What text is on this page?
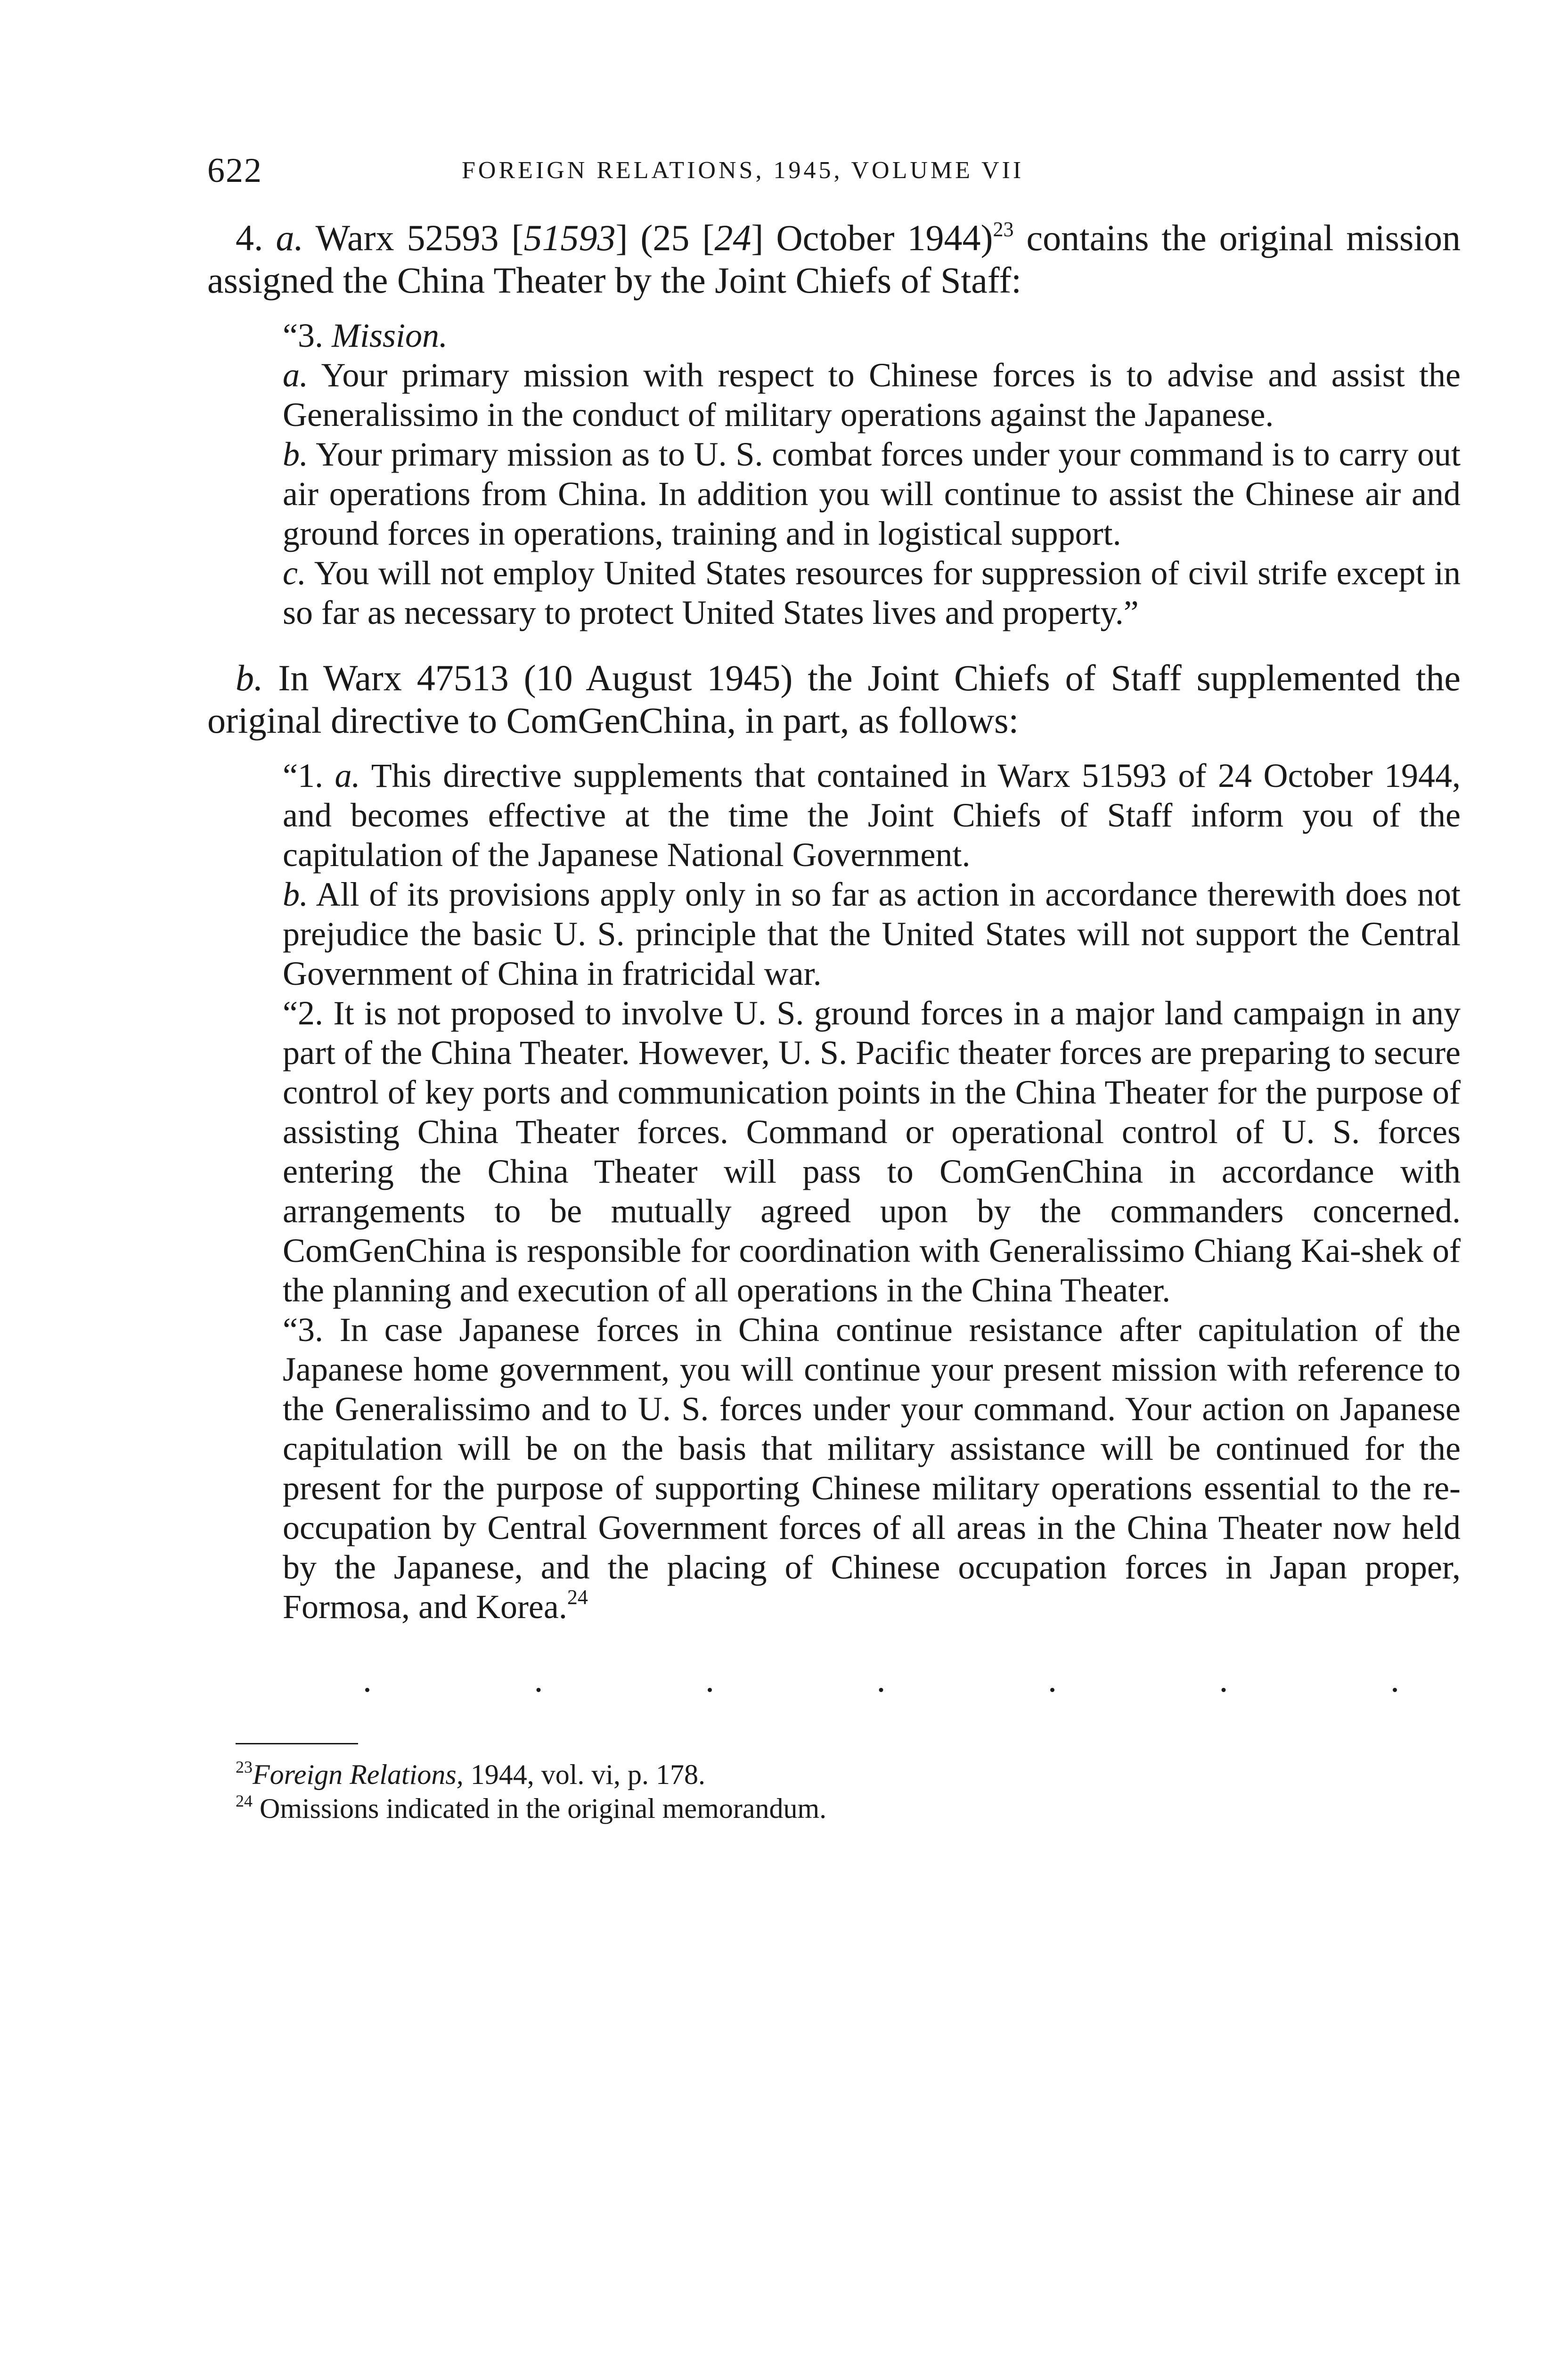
622	FOREIGN RELATIONS, 1945, VOLUME VII

4. a. Warx 52593 [51593] (25 [24] October 1944)$^{23}$ contains the original mission assigned the China Theater by the Joint Chiefs of Staff:

“3. Mission.

a. Your primary mission with respect to Chinese forces is to advise and assist the Generalissimo in the conduct of military operations against the Japanese.

b. Your primary mission as to U. S. combat forces under your command is to carry out air operations from China. In addition you will continue to assist the Chinese air and ground forces in operations, training and in logistical support.

c. You will not employ United States resources for suppression of civil strife except in so far as necessary to protect United States lives and property.”

b. In Warx 47513 (10 August 1945) the Joint Chiefs of Staff supplemented the original directive to ComGenChina, in part, as follows:

“1. a. This directive supplements that contained in Warx 51593 of 24 October 1944, and becomes effective at the time the Joint Chiefs of Staff inform you of the capitulation of the Japanese National Government.

b. All of its provisions apply only in so far as action in accordance therewith does not prejudice the basic U. S. principle that the United States will not support the Central Government of China in fratricidal war.

“2. It is not proposed to involve U. S. ground forces in a major land campaign in any part of the China Theater. However, U. S. Pacific theater forces are preparing to secure control of key ports and communication points in the China Theater for the purpose of assisting China Theater forces. Command or operational control of U. S. forces entering the China Theater will pass to ComGenChina in accordance with arrangements to be mutually agreed upon by the commanders concerned. ComGenChina is responsible for coordination with Generalissimo Chiang Kai-shek of the planning and execution of all operations in the China Theater.

“3. In case Japanese forces in China continue resistance after capitulation of the Japanese home government, you will continue your present mission with reference to the Generalissimo and to U. S. forces under your command. Your action on Japanese capitulation will be on the basis that military assistance will be continued for the present for the purpose of supporting Chinese military operations essential to the re-occupation by Central Government forces of all areas in the China Theater now held by the Japanese, and the placing of Chinese occupation forces in Japan proper, Formosa, and Korea.$^{24}$

.	.	.	.	.	.	.

$^{23}$Foreign Relations, 1944, vol. vi, p. 178.

$^{24}$ Omissions indicated in the original memorandum.
